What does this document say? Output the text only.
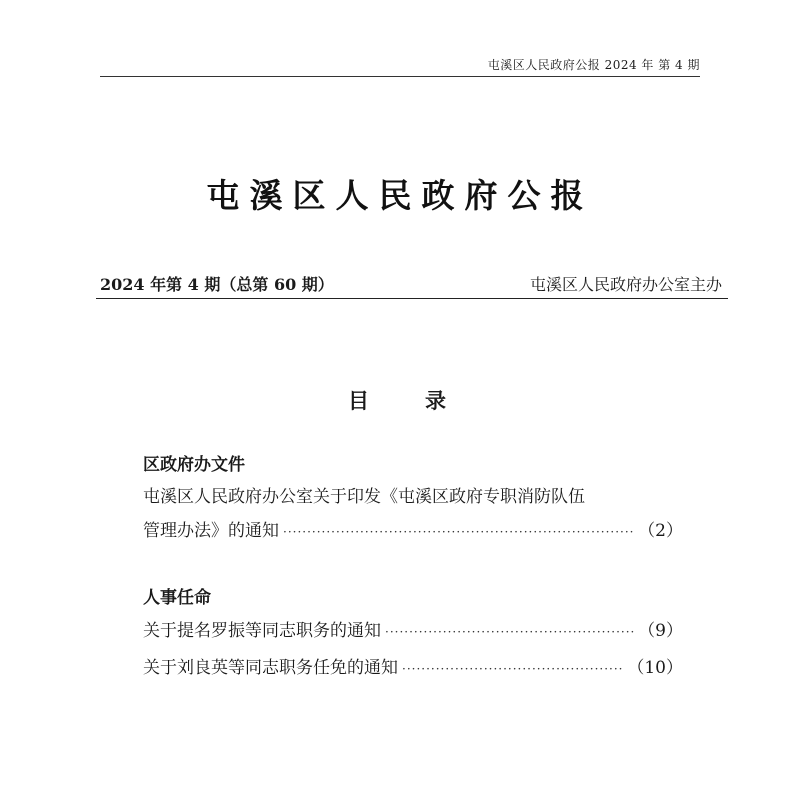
屯溪区人民政府公报 2024 年 第 4 期
屯溪区人民政府公报
2024 年第 4 期（总第 60 期）	屯溪区人民政府办公室主办
目录
区政府办文件
屯溪区人民政府办公室关于印发《屯溪区政府专职消防队伍
管理办法》的通知 ·····	（2）
人事任命
关于提名罗振等同志职务的通知 ·····	（9）
关于刘良英等同志职务任免的通知 ·····	（10）
